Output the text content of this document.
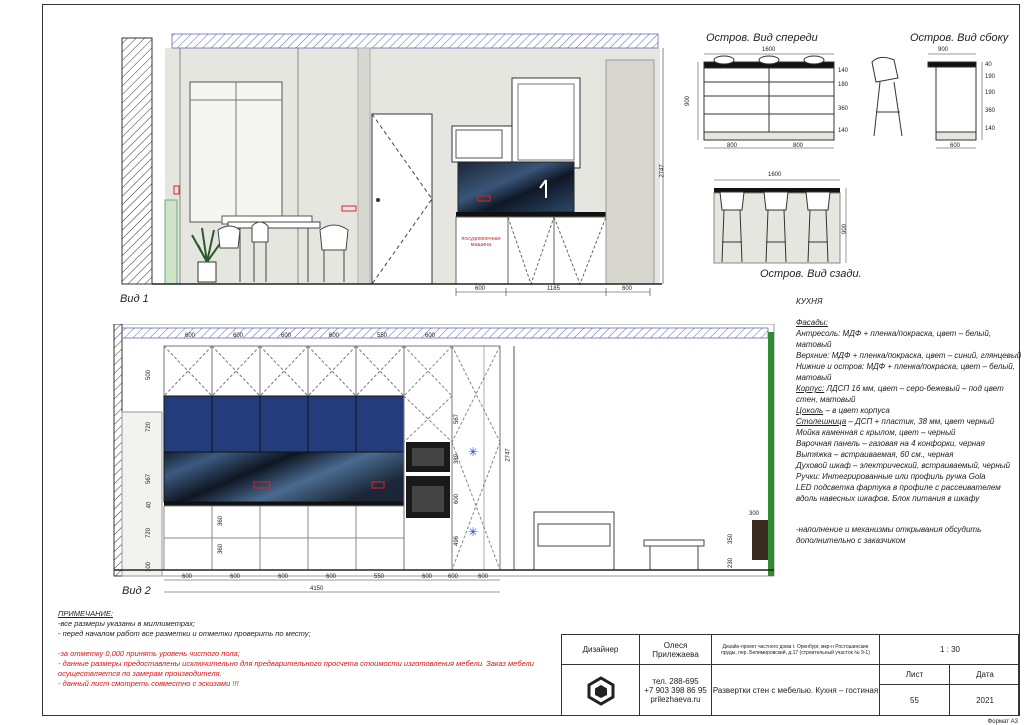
600	1185	600
2747
посудомоечная машина
Вид 1
Остров. Вид спереди	Остров. Вид сбоку
1600
800	800
900
140
180
360
140
900
600
40
190
190
360
140
1600
900
Остров. Вид сзади.
✳
✳
600	600	600	600	550	600
600	600	600	600	550	600	600	600
4150
500
720
567
40
720
100
567
389
600
496
2747
360
360
300
350
230
Вид 2

КУХНЯ

Фасады:

Антресоль: МДФ + пленка/покраска, цвет – белый, матовый

Верхние: МДФ + пленка/покраска, цвет – синий, глянцевый

Нижние и остров: МДФ + пленка/покраска, цвет – белый, матовый

Корпус: ЛДСП 16 мм, цвет – серо-бежевый – под цвет стен, матовый

Цоколь – в цвет корпуса

Столешница – ДСП + пластик, 38 мм, цвет черный

Мойка каменная с крылом, цвет – черный

Варочная панель – газовая на 4 конфорки, черная

Вытяжка – встраиваемая, 60 см., черная

Духовой шкаф – электрический, встраиваемый, черный

Ручки: Интегрированные или профиль ручка Gola

LED подсветка фартука в профиле с рассеивателем вдоль навесных шкафов. Блок питания в шкафу

-наполнение и механизмы открывания обсудить дополнительно с заказчиком

ПРИМЕЧАНИЕ:

-все размеры указаны в миллиметрах;

- перед началом работ все разметки и отметки проверить по месту;

-за отметку 0,000 принять уровень чистого пола;

- данные размеры предоставлены исключительно для предварительного просчета стоимости изготовления мебели. Заказ мебели осуществляется по замерам производителя.

- данный лист смотреть совместно с эскизами !!!

Дизайнер	Олеся Прилежаева
Дизайн-проект частного дома г. Оренбург, мкр-н Ростошинские пруды, пер. Белимировский, д.17 (строительный участок № 9-1)	1 : 30
тел. 288-695
+7 903 398 86 95
prilezhaeva.ru
Развертки стен с мебелью. Кухня – гостиная
Лист	Дата
55	2021
Формат А3
